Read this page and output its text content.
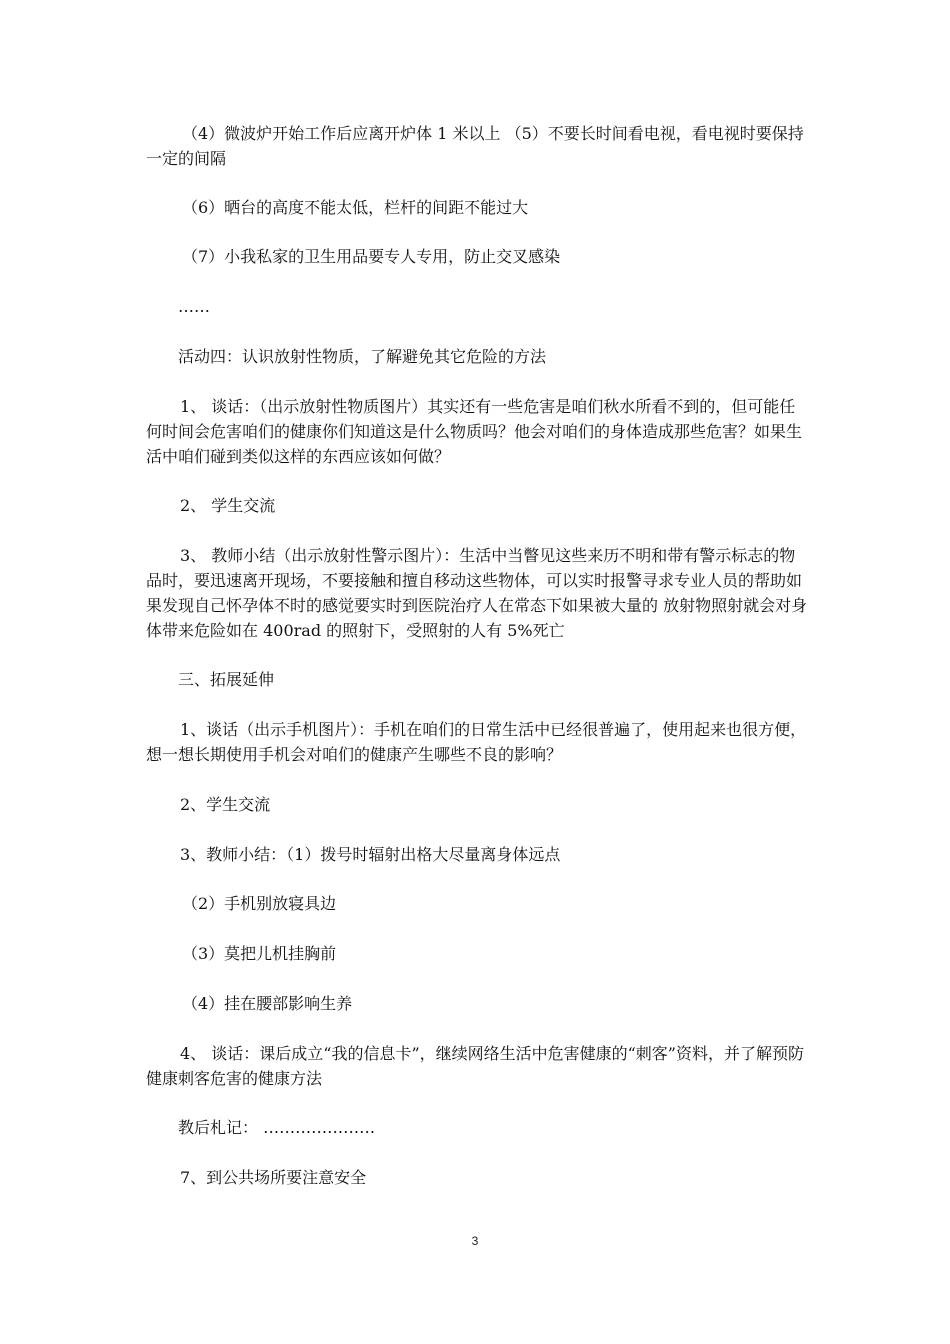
（4）微波炉开始工作后应离开炉体 1 米以上 （5）不要长时间看电视，看电视时要保持一定的间隔

（6）晒台的高度不能太低，栏杆的间距不能过大

（7）小我私家的卫生用品要专人专用，防止交叉感染

……

活动四：认识放射性物质，了解避免其它危险的方法

1、 谈话：（出示放射性物质图片）其实还有一些危害是咱们秋水所看不到的，但可能任何时间会危害咱们的健康你们知道这是什么物质吗？他会对咱们的身体造成那些危害？如果生活中咱们碰到类似这样的东西应该如何做？

2、 学生交流

3、 教师小结（出示放射性警示图片）：生活中当瞥见这些来历不明和带有警示标志的物品时，要迅速离开现场，不要接触和擅自移动这些物体，可以实时报警寻求专业人员的帮助如果发现自己怀孕体不时的感觉要实时到医院治疗人在常态下如果被大量的 放射物照射就会对身体带来危险如在 400rad 的照射下，受照射的人有 5%死亡

三、拓展延伸

1、谈话（出示手机图片）：手机在咱们的日常生活中已经很普遍了，使用起来也很方便，想一想长期使用手机会对咱们的健康产生哪些不良的影响？

2、学生交流

3、教师小结：（1）拨号时辐射出格大尽量离身体远点

（2）手机别放寝具边

（3）莫把儿机挂胸前

（4）挂在腰部影响生养

4、 谈话：课后成立“我的信息卡”，继续网络生活中危害健康的“刺客”资料，并了解预防健康刺客危害的健康方法

教后札记： …………………

7、到公共场所要注意安全

3
